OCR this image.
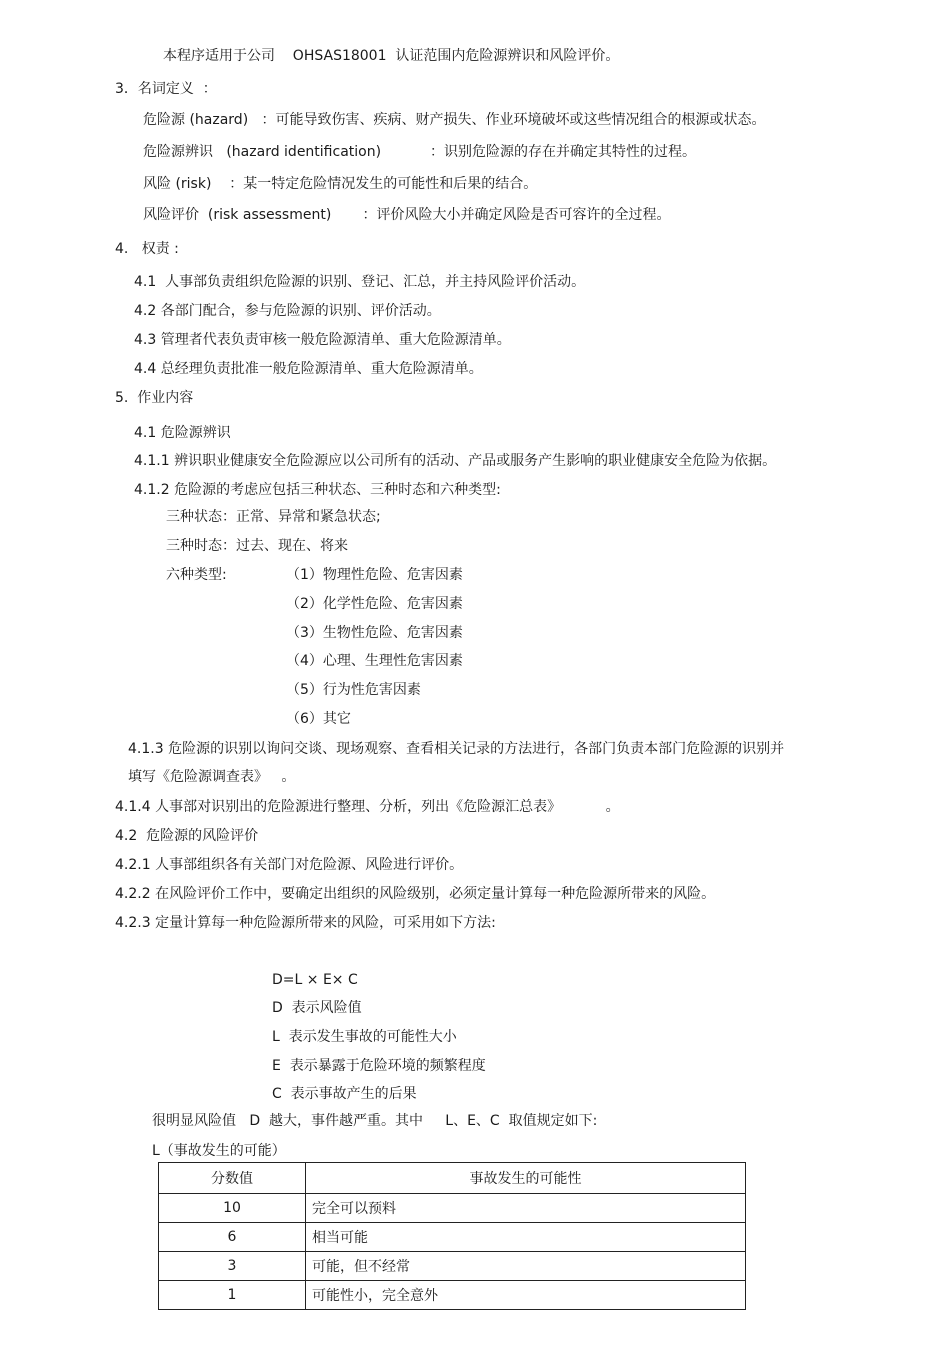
本程序适用于公司    OHSAS18001  认证范围内危险源辨识和风险评价。
3．名词定义  ：
危险源 (hazard)   ：可能导致伤害、疾病、财产损失、作业环境破坏或这些情况组合的根源或状态。
危险源辨识   (hazard identification)           ：识别危险源的存在并确定其特性的过程。
风险 (risk)    ：某一特定危险情况发生的可能性和后果的结合。
风险评价  (risk assessment)       ：评价风险大小并确定风险是否可容许的全过程。
4.   权责 :
4.1  人事部负责组织危险源的识别、登记、汇总，并主持风险评价活动。
4.2 各部门配合，参与危险源的识别、评价活动。
4.3 管理者代表负责审核一般危险源清单、重大危险源清单。
4.4 总经理负责批准一般危险源清单、重大危险源清单。
5.  作业内容
4.1 危险源辨识
4.1.1 辨识职业健康安全危险源应以公司所有的活动、产品或服务产生影响的职业健康安全危险为依据。
4.1.2 危险源的考虑应包括三种状态、三种时态和六种类型:
三种状态：正常、异常和紧急状态;
三种时态：过去、现在、将来
六种类型:	（1）物理性危险、危害因素
（2）化学性危险、危害因素
（3）生物性危险、危害因素
（4）心理、生理性危害因素
（5）行为性危害因素
（6）其它
4.1.3 危险源的识别以询问交谈、现场观察、查看相关记录的方法进行，各部门负责本部门危险源的识别并
填写《危险源调查表》   。
4.1.4 人事部对识别出的危险源进行整理、分析，列出《危险源汇总表》          。
4.2  危险源的风险评价
4.2.1 人事部组织各有关部门对危险源、风险进行评价。
4.2.2 在风险评价工作中，要确定出组织的风险级别，必须定量计算每一种危险源所带来的风险。
4.2.3 定量计算每一种危险源所带来的风险，可采用如下方法:
D=L × E× C
D  表示风险值
L  表示发生事故的可能性大小
E  表示暴露于危险环境的频繁程度
C  表示事故产生的后果
很明显风险值   D  越大，事件越严重。其中     L、E、C  取值规定如下:
L（事故发生的可能）
分数值	事故发生的可能性
10	完全可以预料
6	相当可能
3	可能，但不经常
1	可能性小，完全意外
